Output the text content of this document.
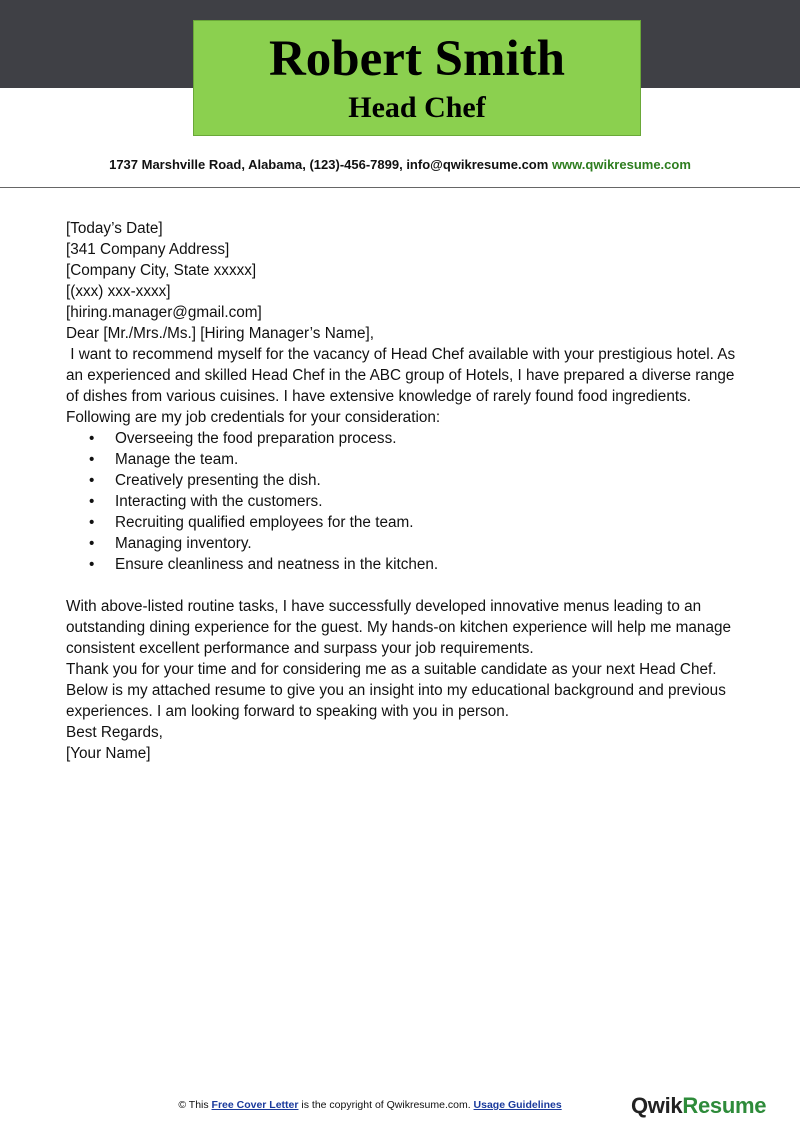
Robert Smith
Head Chef
1737 Marshville Road, Alabama, (123)-456-7899, info@qwikresume.com www.qwikresume.com

[Today’s Date]

[341 Company Address]
[Company City, State xxxxx]
[(xxx) xxx-xxxx]
[hiring.manager@gmail.com]

Dear [Mr./Mrs./Ms.] [Hiring Manager’s Name],

I want to recommend myself for the vacancy of Head Chef available with your prestigious hotel. As an experienced and skilled Head Chef in the ABC group of Hotels, I have prepared a diverse range of dishes from various cuisines. I have extensive knowledge of rarely found food ingredients.

Following are my job credentials for your consideration:

• Overseeing the food preparation process.
• Manage the team.
• Creatively presenting the dish.
• Interacting with the customers.
• Recruiting qualified employees for the team.
• Managing inventory.
• Ensure cleanliness and neatness in the kitchen.

With above-listed routine tasks, I have successfully developed innovative menus leading to an outstanding dining experience for the guest. My hands-on kitchen experience will help me manage consistent excellent performance and surpass your job requirements.

Thank you for your time and for considering me as a suitable candidate as your next Head Chef. Below is my attached resume to give you an insight into my educational background and previous experiences. I am looking forward to speaking with you in person.

Best Regards,
[Your Name]
© This Free Cover Letter is the copyright of Qwikresume.com. Usage Guidelines	QwikResume
